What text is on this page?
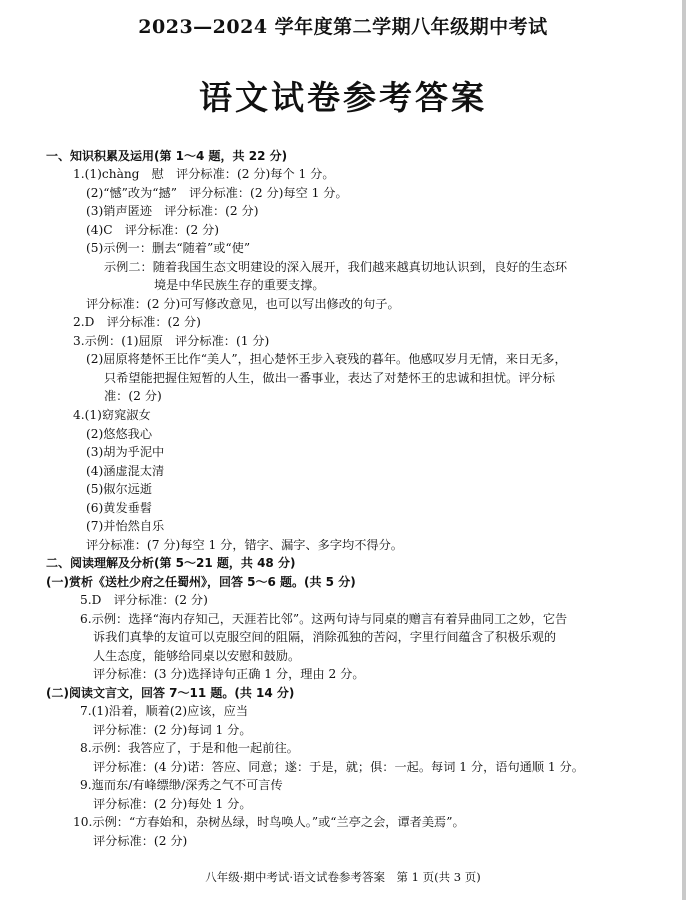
2023—2024 学年度第二学期八年级期中考试
语文试卷参考答案
一、知识积累及运用(第 1～4 题，共 22 分)
1.(1)chàng　慰　评分标准：(2 分)每个 1 分。
(2)“憾”改为“撼”　评分标准：(2 分)每空 1 分。
(3)销声匿迹　评分标准：(2 分)
(4)C　评分标准：(2 分)
(5)示例一：删去“随着”或“使”
示例二：随着我国生态文明建设的深入展开，我们越来越真切地认识到，良好的生态环
境是中华民族生存的重要支撑。
评分标准：(2 分)可写修改意见，也可以写出修改的句子。
2.D　评分标准：(2 分)
3.示例：(1)屈原　评分标准：(1 分)
(2)屈原将楚怀王比作“美人”，担心楚怀王步入衰残的暮年。他感叹岁月无情，来日无多，
只希望能把握住短暂的人生，做出一番事业，表达了对楚怀王的忠诚和担忧。评分标
准：(2 分)
4.(1)窈窕淑女
(2)悠悠我心
(3)胡为乎泥中
(4)涵虚混太清
(5)俶尔远逝
(6)黄发垂髫
(7)并怡然自乐
评分标准：(7 分)每空 1 分，错字、漏字、多字均不得分。
二、阅读理解及分析(第 5～21 题，共 48 分)
(一)赏析《送杜少府之任蜀州》，回答 5～6 题。(共 5 分)
5.D　评分标准：(2 分)
6.示例：选择“海内存知己，天涯若比邻”。这两句诗与同桌的赠言有着异曲同工之妙，它告
诉我们真挚的友谊可以克服空间的阻隔，消除孤独的苦闷，字里行间蕴含了积极乐观的
人生态度，能够给同桌以安慰和鼓励。
评分标准：(3 分)选择诗句正确 1 分，理由 2 分。
(二)阅读文言文，回答 7～11 题。(共 14 分)
7.(1)沿着，顺着(2)应该，应当
评分标准：(2 分)每词 1 分。
8.示例：我答应了，于是和他一起前往。
评分标准：(4 分)诺：答应、同意；遂：于是，就；俱：一起。每词 1 分，语句通顺 1 分。
9.迤而东/有峰缥缈/深秀之气不可言传
评分标准：(2 分)每处 1 分。
10.示例：“方春始和，杂树丛绿，时鸟唤人。”或“兰亭之会，谭者美焉”。
评分标准：(2 分)
八年级·期中考试·语文试卷参考答案　第 1 页(共 3 页)
